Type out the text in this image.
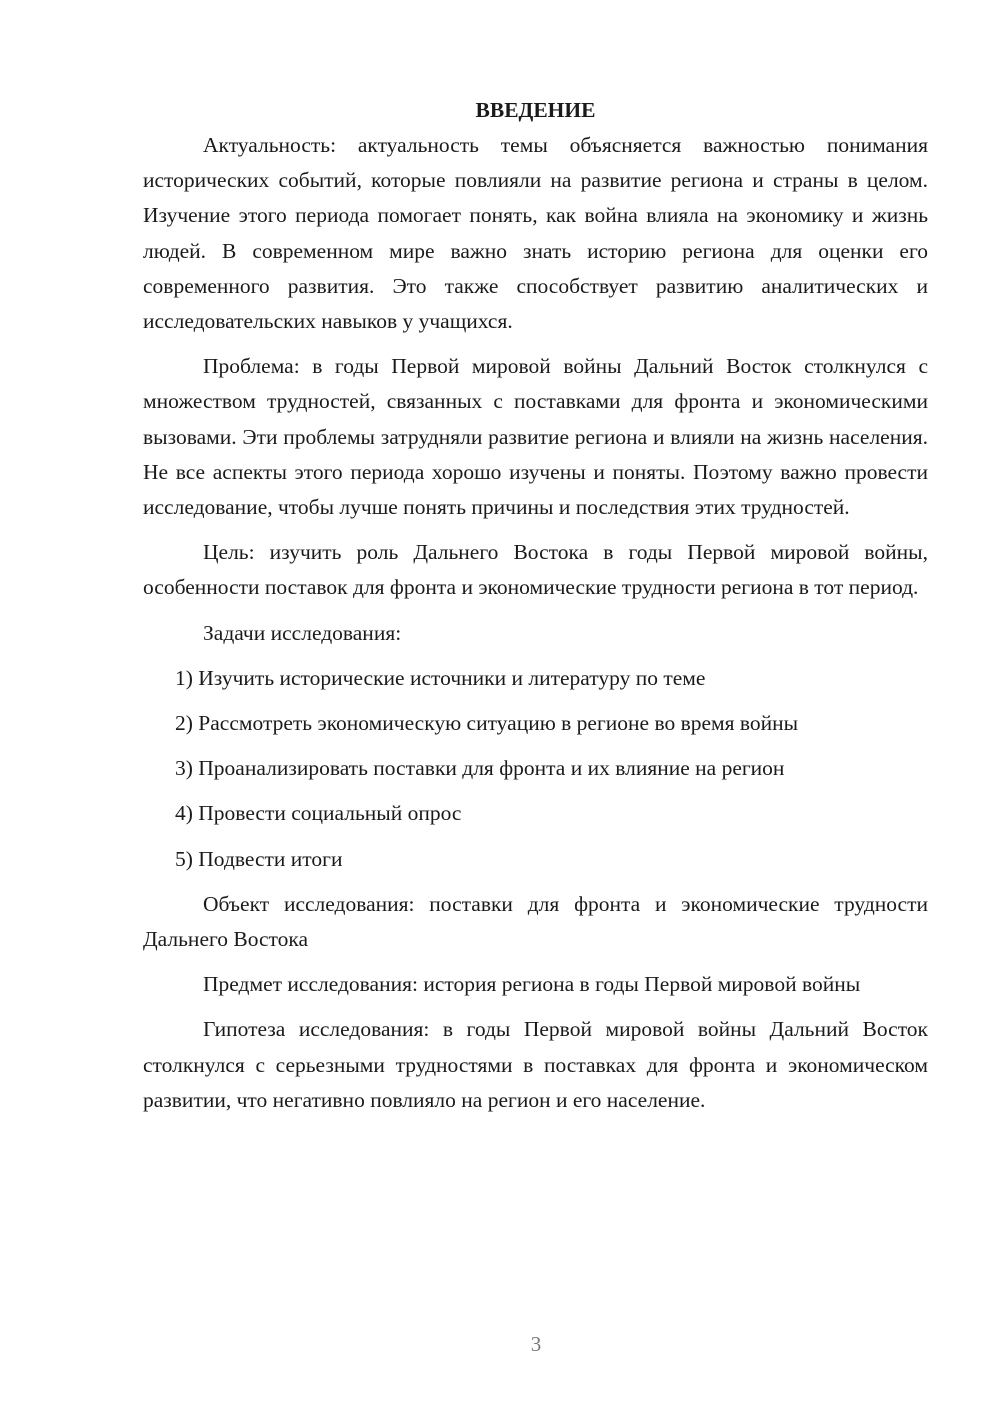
ВВЕДЕНИЕ

Актуальность: актуальность темы объясняется важностью понимания исторических событий, которые повлияли на развитие региона и страны в целом. Изучение этого периода помогает понять, как война влияла на экономику и жизнь людей. В современном мире важно знать историю региона для оценки его современного развития. Это также способствует развитию аналитических и исследовательских навыков у учащихся.

Проблема: в годы Первой мировой войны Дальний Восток столкнулся с множеством трудностей, связанных с поставками для фронта и экономическими вызовами. Эти проблемы затрудняли развитие региона и влияли на жизнь населения. Не все аспекты этого периода хорошо изучены и поняты. Поэтому важно провести исследование, чтобы лучше понять причины и последствия этих трудностей.

Цель: изучить роль Дальнего Востока в годы Первой мировой войны, особенности поставок для фронта и экономические трудности региона в тот период.

Задачи исследования:

1) Изучить исторические источники и литературу по теме
2) Рассмотреть экономическую ситуацию в регионе во время войны
3) Проанализировать поставки для фронта и их влияние на регион
4) Провести социальный опрос
5) Подвести итоги

Объект исследования: поставки для фронта и экономические трудности Дальнего Востока

Предмет исследования: история региона в годы Первой мировой войны

Гипотеза исследования: в годы Первой мировой войны Дальний Восток столкнулся с серьезными трудностями в поставках для фронта и экономическом развитии, что негативно повлияло на регион и его население.

3
